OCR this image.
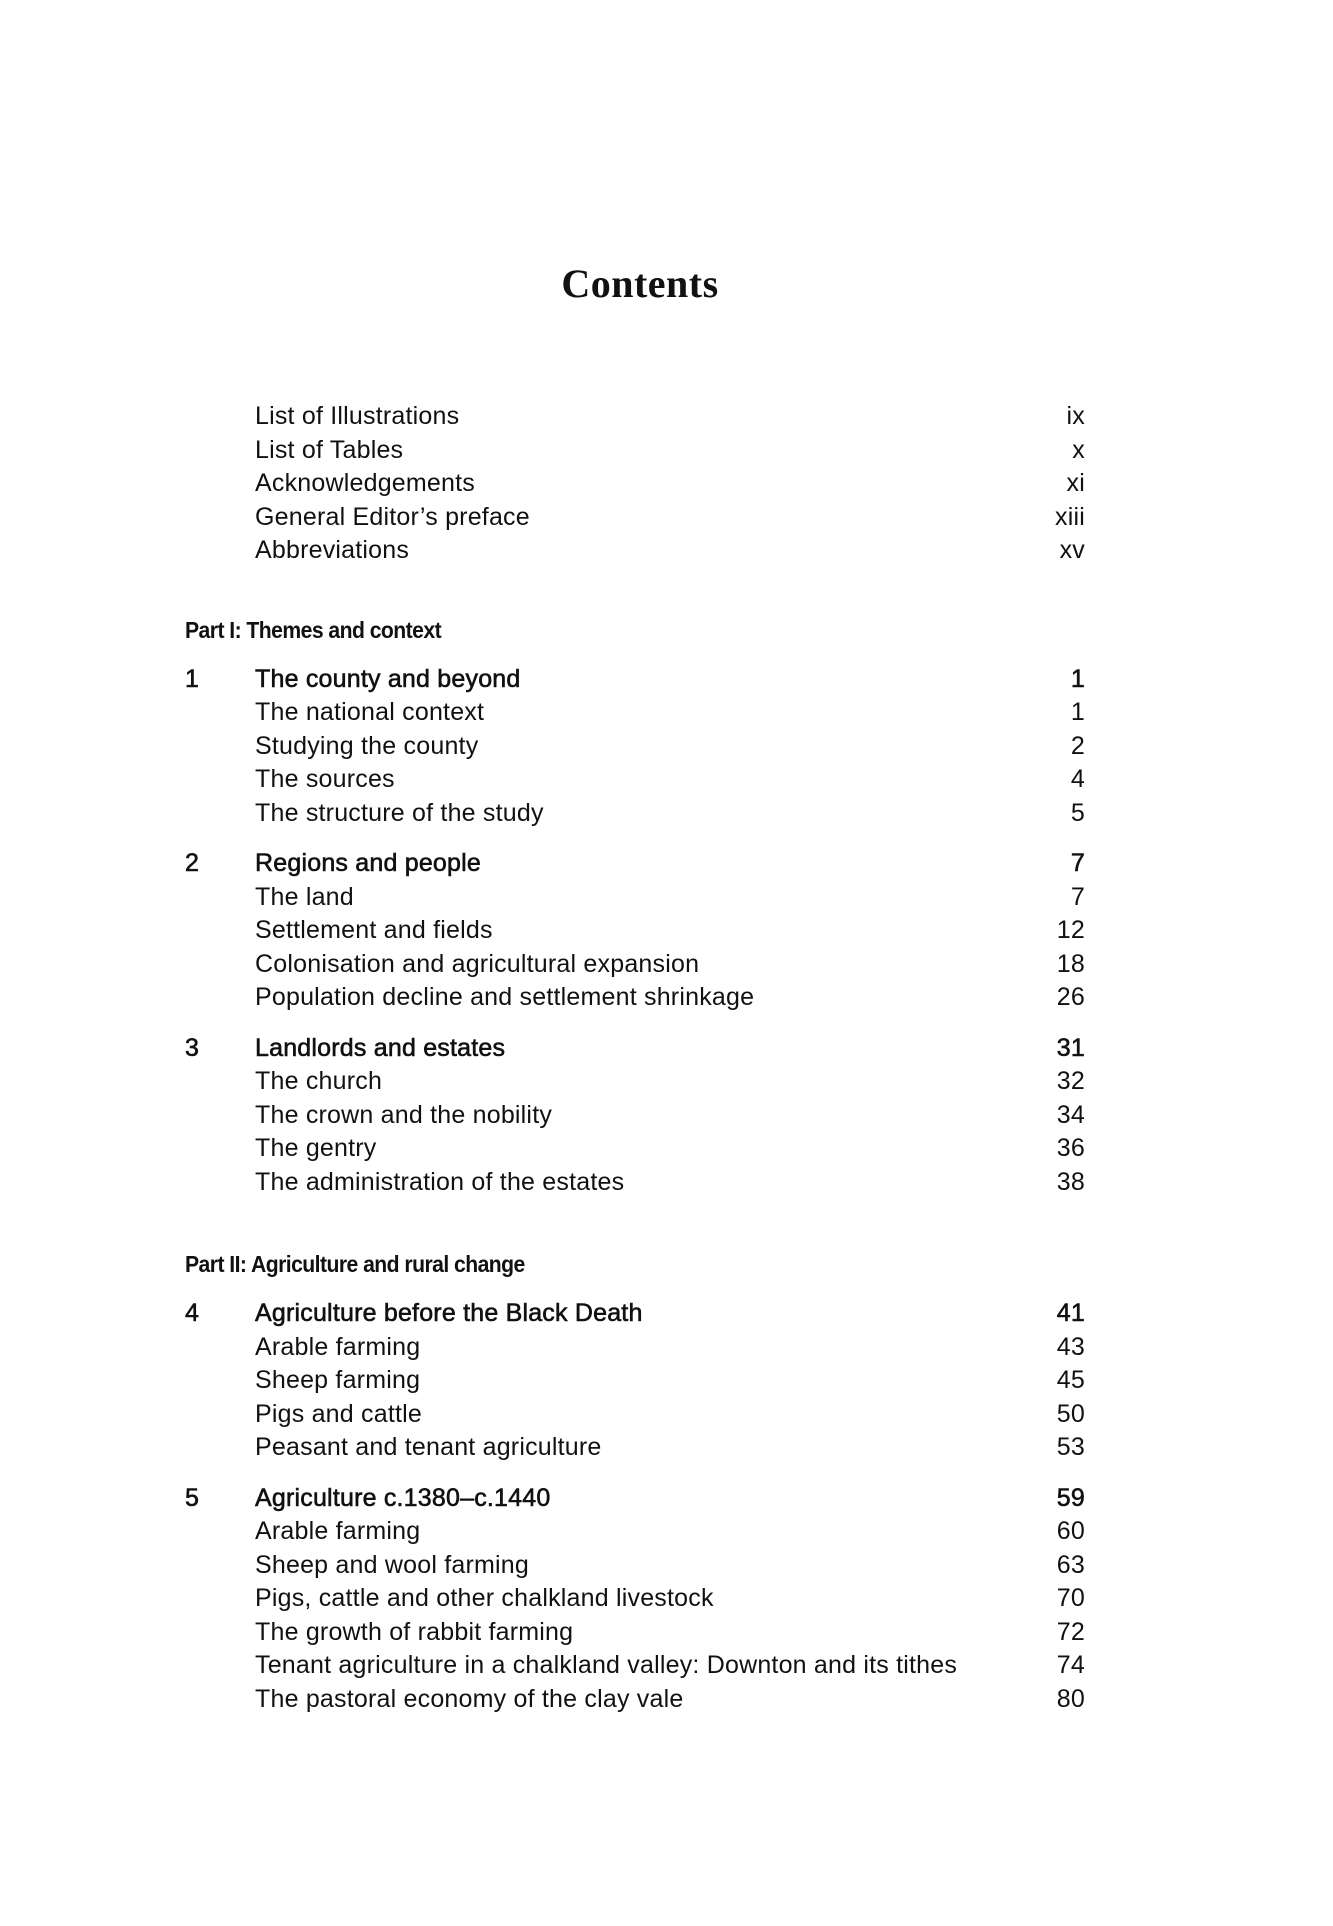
Contents
List of Illustrations	ix
List of Tables	x
Acknowledgements	xi
General Editor’s preface	xiii
Abbreviations	xv
Part I: Themes and context
1 The county and beyond	1
The national context	1
Studying the county	2
The sources	4
The structure of the study	5
2 Regions and people	7
The land	7
Settlement and fields	12
Colonisation and agricultural expansion	18
Population decline and settlement shrinkage	26
3 Landlords and estates	31
The church	32
The crown and the nobility	34
The gentry	36
The administration of the estates	38
Part II: Agriculture and rural change
4 Agriculture before the Black Death	41
Arable farming	43
Sheep farming	45
Pigs and cattle	50
Peasant and tenant agriculture	53
5 Agriculture c.1380–c.1440	59
Arable farming	60
Sheep and wool farming	63
Pigs, cattle and other chalkland livestock	70
The growth of rabbit farming	72
Tenant agriculture in a chalkland valley: Downton and its tithes	74
The pastoral economy of the clay vale	80
